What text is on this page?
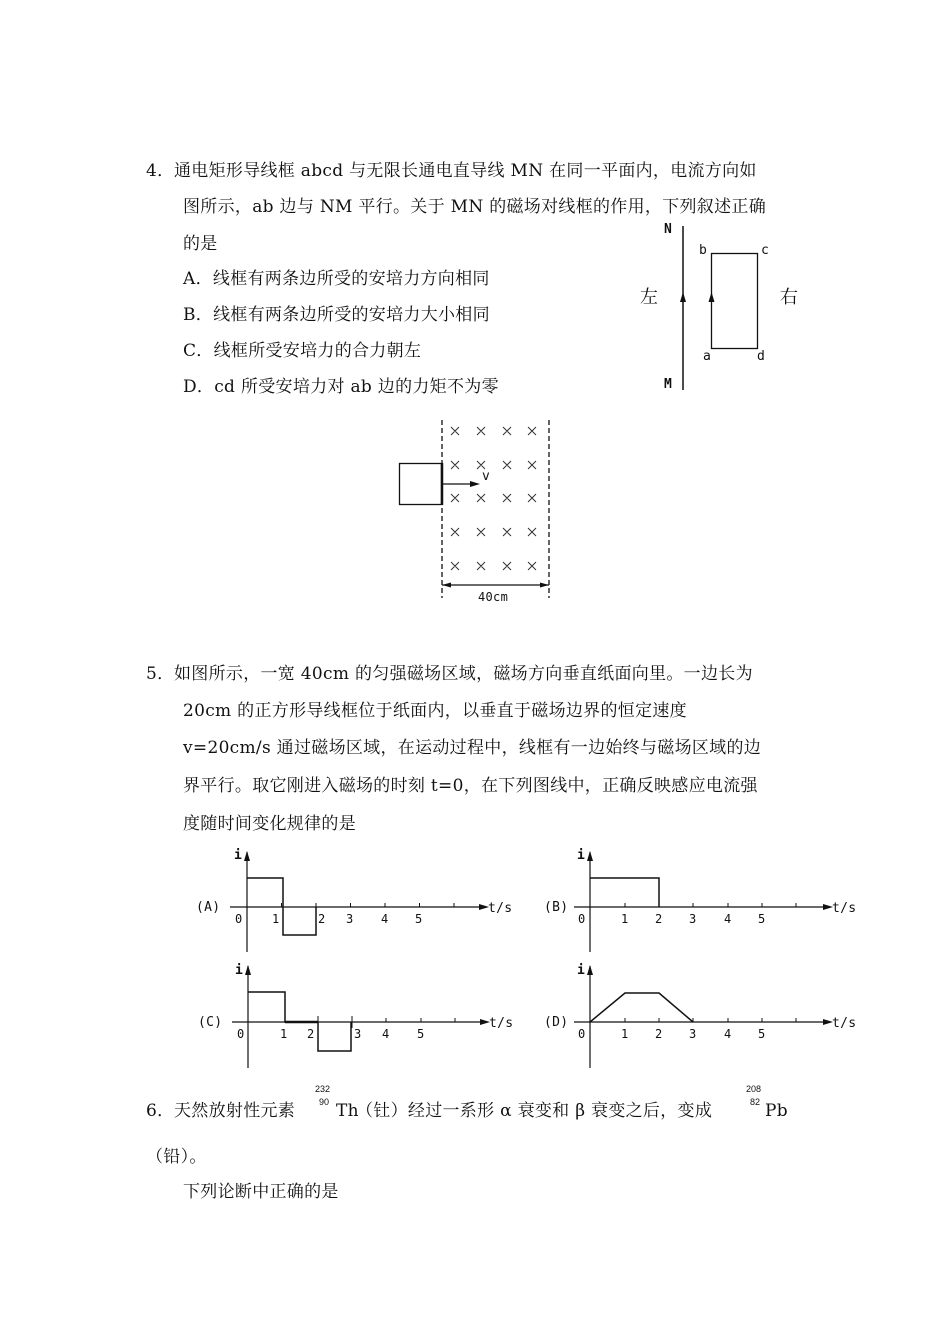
4． 通电矩形导线框 abcd 与无限长通电直导线 MN 在同一平面内，电流方向如
图所示，ab 边与 NM 平行。关于 MN 的磁场对线框的作用，下列叙述正确
的是
A．线框有两条边所受的安培力方向相同
B．线框有两条边所受的安培力大小相同
C．线框所受安培力的合力朝左
D．cd 所受安培力对 ab 边的力矩不为零
N
M
左	右
b	c
a	d
v
40cm
5． 如图所示，一宽 40cm 的匀强磁场区域，磁场方向垂直纸面向里。一边长为
20cm 的正方形导线框位于纸面内，以垂直于磁场边界的恒定速度
v=20cm/s 通过磁场区域，在运动过程中，线框有一边始终与磁场区域的边
界平行。取它刚进入磁场的时刻 t=0，在下列图线中，正确反映感应电流强
度随时间变化规律的是
(A)
i
t/s
0 1	2 3 4 5
(B)
i
t/s
0	1 2 3 4 5
(C)
i
t/s
0	1 2	3 4 5
(D)
i
t/s
0	1 2 3 4 5
6． 天然放射性元素
232
90 Th
（钍）经过一系形 α 衰变和 β 衰变之后，变成
208
82 Pb
（铅）。
下列论断中正确的是
